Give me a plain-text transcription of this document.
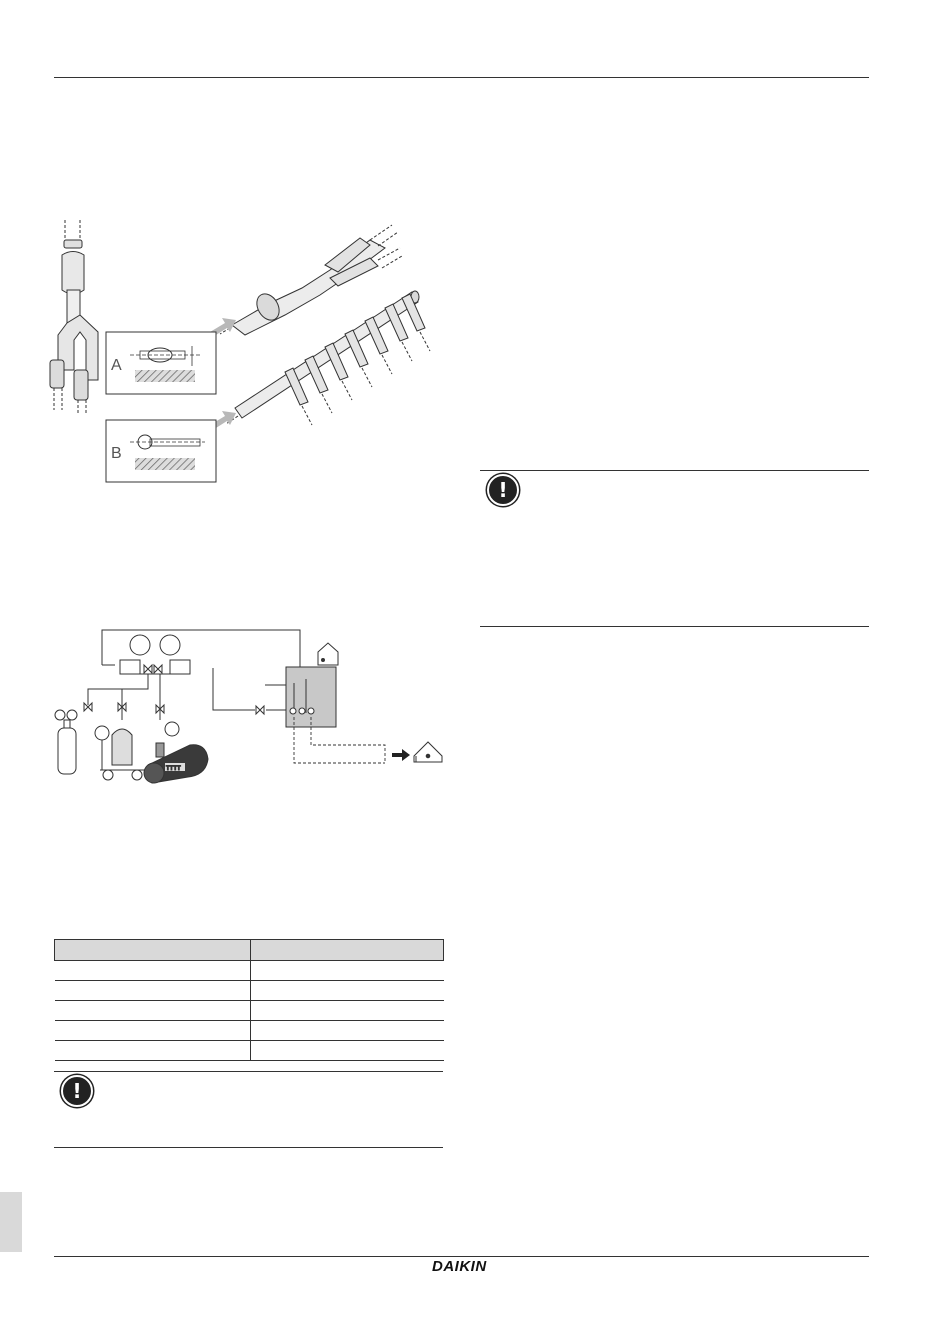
A
B
TTTT

!
!
DAIKIN
